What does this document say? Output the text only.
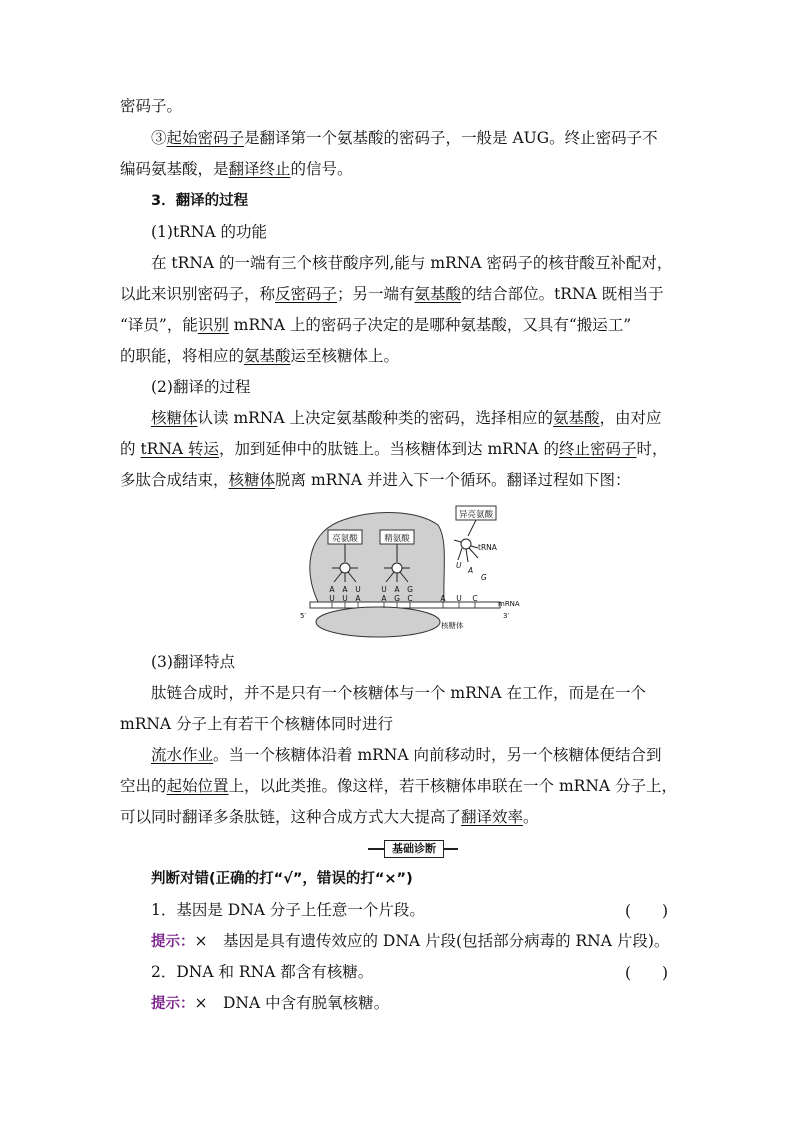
密码子。
③起始密码子是翻译第一个氨基酸的密码子，一般是 AUG。终止密码子不
编码氨基酸，是翻译终止的信号。
3．翻译的过程
(1)tRNA 的功能
在 tRNA 的一端有三个核苷酸序列,能与 mRNA 密码子的核苷酸互补配对，
以此来识别密码子，称反密码子；另一端有氨基酸的结合部位。tRNA 既相当于
“译员”，能识别 mRNA 上的密码子决定的是哪种氨基酸，又具有“搬运工”
的职能，将相应的氨基酸运至核糖体上。
(2)翻译的过程
核糖体认读 mRNA 上决定氨基酸种类的密码，选择相应的氨基酸，由对应
的 tRNA 转运，加到延伸中的肽链上。当核糖体到达 mRNA 的终止密码子时，
多肽合成结束，核糖体脱离 mRNA 并进入下一个循环。翻译过程如下图：
亮氨酸	精氨酸
异亮氨酸
tRNA
U
A
G
A A U	U A G
U U A	A G C	A U C
mRNA
5′	3′
核糖体
(3)翻译特点
肽链合成时，并不是只有一个核糖体与一个 mRNA 在工作，而是在一个
mRNA 分子上有若干个核糖体同时进行
流水作业。当一个核糖体沿着 mRNA 向前移动时，另一个核糖体便结合到
空出的起始位置上，以此类推。像这样，若干核糖体串联在一个 mRNA 分子上，
可以同时翻译多条肽链，这种合成方式大大提高了翻译效率。
基础诊断
判断对错(正确的打“√”，错误的打“×”)
1．基因是 DNA 分子上任意一个片段。	(　　)
提示：×　基因是具有遗传效应的 DNA 片段(包括部分病毒的 RNA 片段)。
2．DNA 和 RNA 都含有核糖。	(　　)
提示：×　DNA 中含有脱氧核糖。
